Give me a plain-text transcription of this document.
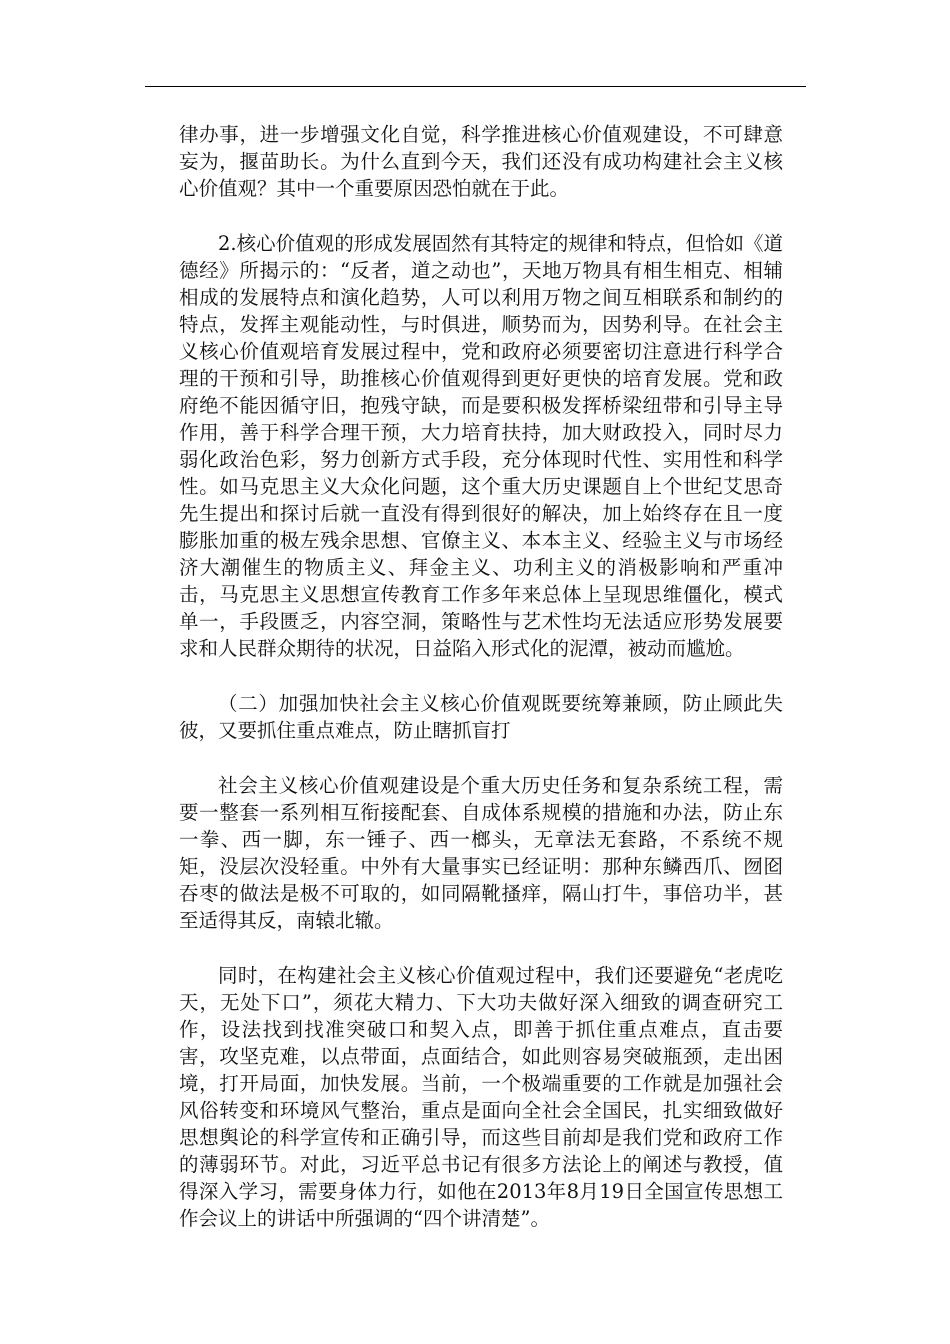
律办事，进一步增强文化自觉，科学推进核心价值观建设，不可肆意妄为，揠苗助长。为什么直到今天，我们还没有成功构建社会主义核心价值观？其中一个重要原因恐怕就在于此。

2.核心价值观的形成发展固然有其特定的规律和特点，但恰如《道德经》所揭示的：“反者，道之动也”，天地万物具有相生相克、相辅相成的发展特点和演化趋势，人可以利用万物之间互相联系和制约的特点，发挥主观能动性，与时俱进，顺势而为，因势利导。在社会主义核心价值观培育发展过程中，党和政府必须要密切注意进行科学合理的干预和引导，助推核心价值观得到更好更快的培育发展。党和政府绝不能因循守旧，抱残守缺，而是要积极发挥桥梁纽带和引导主导作用，善于科学合理干预，大力培育扶持，加大财政投入，同时尽力弱化政治色彩，努力创新方式手段，充分体现时代性、实用性和科学性。如马克思主义大众化问题，这个重大历史课题自上个世纪艾思奇先生提出和探讨后就一直没有得到很好的解决，加上始终存在且一度膨胀加重的极左残余思想、官僚主义、本本主义、经验主义与市场经济大潮催生的物质主义、拜金主义、功利主义的消极影响和严重冲击，马克思主义思想宣传教育工作多年来总体上呈现思维僵化，模式单一，手段匮乏，内容空洞，策略性与艺术性均无法适应形势发展要求和人民群众期待的状况，日益陷入形式化的泥潭，被动而尴尬。

（二）加强加快社会主义核心价值观既要统筹兼顾，防止顾此失彼，又要抓住重点难点，防止瞎抓盲打

社会主义核心价值观建设是个重大历史任务和复杂系统工程，需要一整套一系列相互衔接配套、自成体系规模的措施和办法，防止东一拳、西一脚，东一锤子、西一榔头，无章法无套路，不系统不规矩，没层次没轻重。中外有大量事实已经证明：那种东鳞西爪、囫囵吞枣的做法是极不可取的，如同隔靴搔痒，隔山打牛，事倍功半，甚至适得其反，南辕北辙。

同时，在构建社会主义核心价值观过程中，我们还要避免“老虎吃天，无处下口”，须花大精力、下大功夫做好深入细致的调查研究工作，设法找到找准突破口和契入点，即善于抓住重点难点，直击要害，攻坚克难，以点带面，点面结合，如此则容易突破瓶颈，走出困境，打开局面，加快发展。当前，一个极端重要的工作就是加强社会风俗转变和环境风气整治，重点是面向全社会全国民，扎实细致做好思想舆论的科学宣传和正确引导，而这些目前却是我们党和政府工作的薄弱环节。对此，习近平总书记有很多方法论上的阐述与教授，值得深入学习，需要身体力行，如他在2013年8月19日全国宣传思想工作会议上的讲话中所强调的“四个讲清楚”。
